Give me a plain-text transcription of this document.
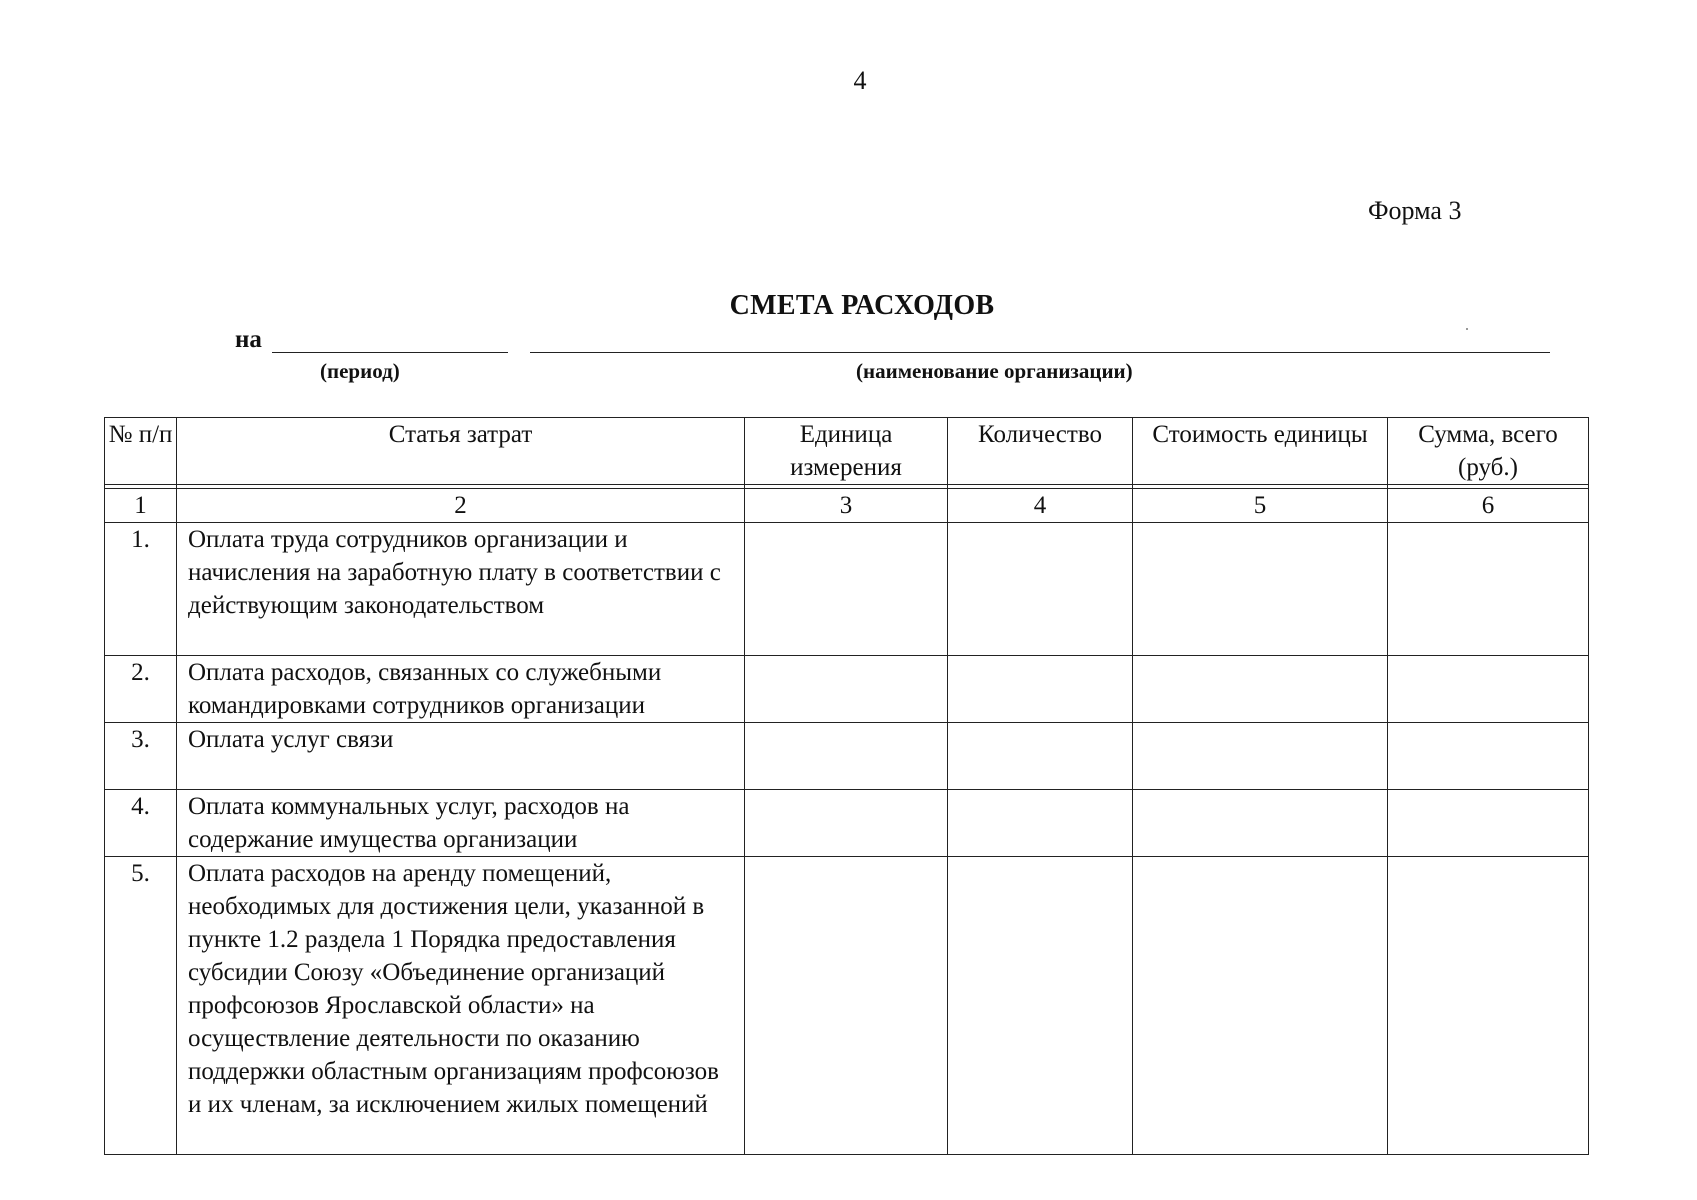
4
Форма 3
СМЕТА РАСХОДОВ
на
(период)	(наименование организации)
№ п/п	Статья затрат	Единица измерения	Количество	Стоимость единицы	Сумма, всего (руб.)

1	2	3	4	5	6
1.	Оплата труда сотрудников организации и начисления на заработную плату в соответствии с действующим законодательством				
2.	Оплата расходов, связанных со служебными командировками сотрудников организации				
3.	Оплата услуг связи				
4.	Оплата коммунальных услуг, расходов на содержание имущества организации				
5.	Оплата расходов на аренду помещений, необходимых для достижения цели, указанной в пункте 1.2 раздела 1 Порядка предоставления субсидии Союзу «Объединение организаций профсоюзов Ярославской области» на осуществление деятельности по оказанию поддержки областным организациям профсоюзов и их членам, за исключением жилых помещений				
